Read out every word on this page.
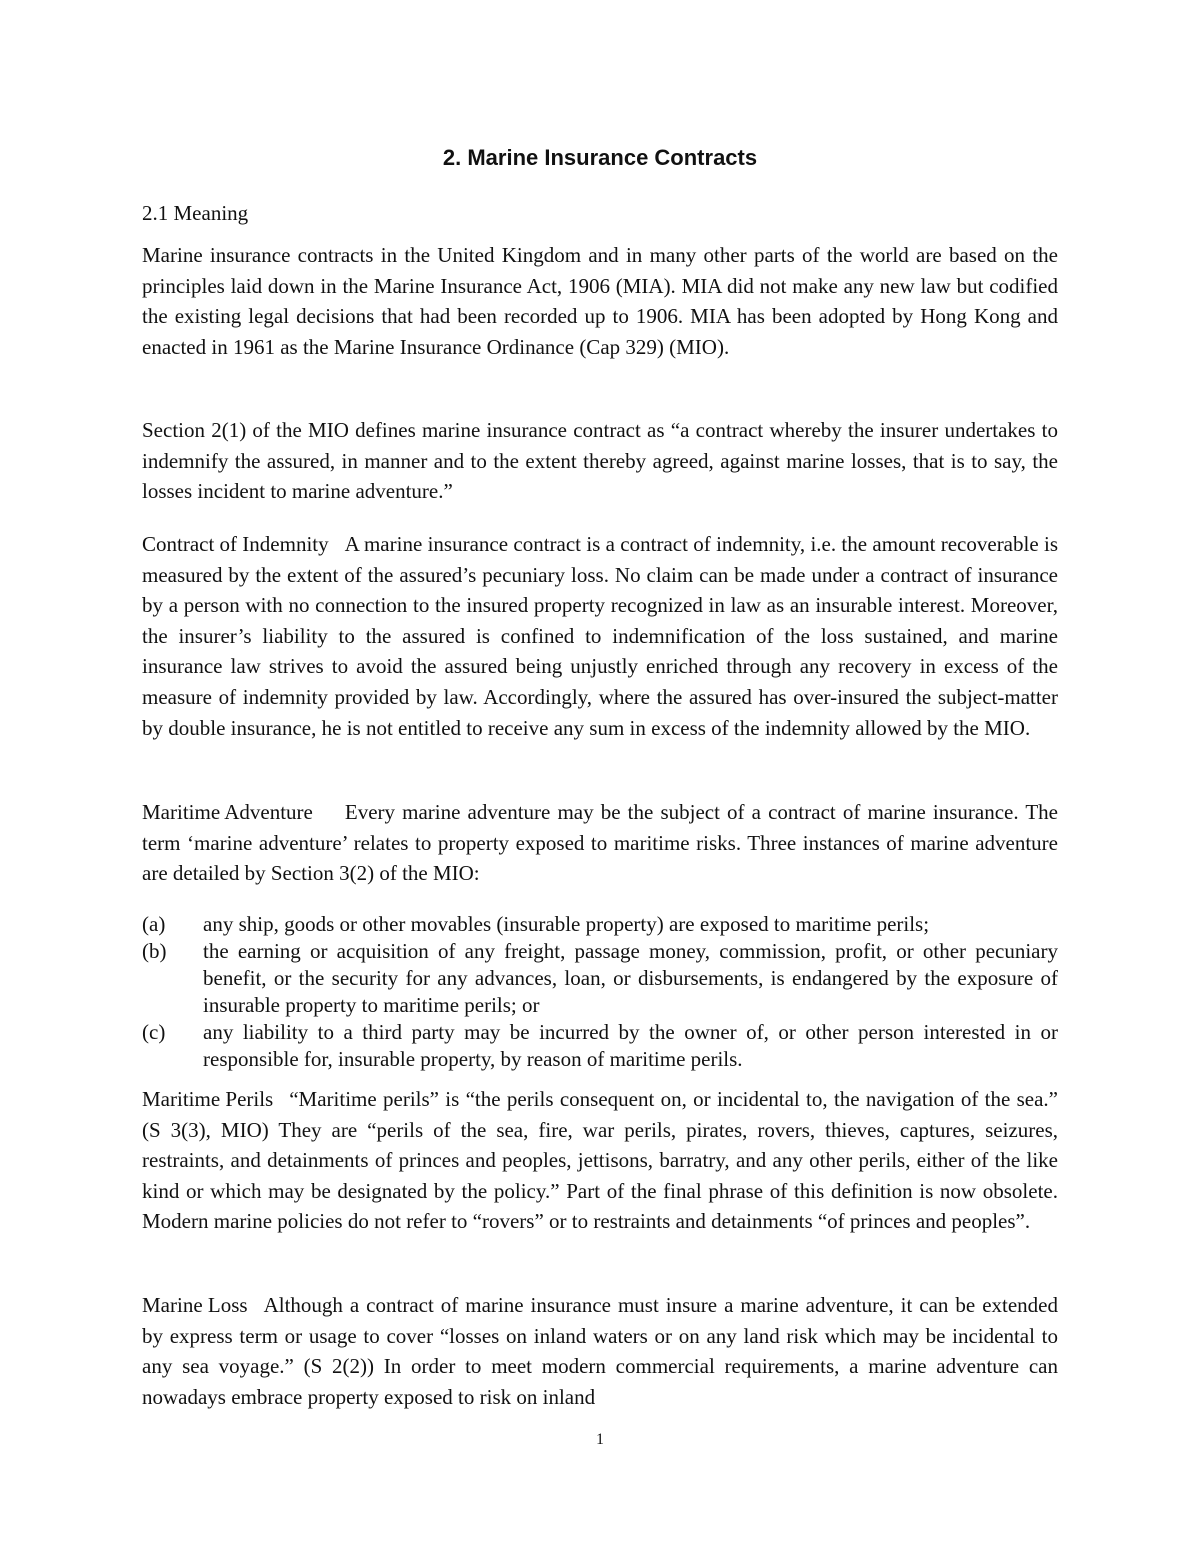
2. Marine Insurance Contracts
2.1 Meaning

Marine insurance contracts in the United Kingdom and in many other parts of the world are based on the principles laid down in the Marine Insurance Act, 1906 (MIA). MIA did not make any new law but codified the existing legal decisions that had been recorded up to 1906. MIA has been adopted by Hong Kong and enacted in 1961 as the Marine Insurance Ordinance (Cap 329) (MIO).

Section 2(1) of the MIO defines marine insurance contract as “a contract whereby the insurer undertakes to indemnify the assured, in manner and to the extent thereby agreed, against marine losses, that is to say, the losses incident to marine adventure.”

Contract of Indemnity A marine insurance contract is a contract of indemnity, i.e. the amount recoverable is measured by the extent of the assured’s pecuniary loss. No claim can be made under a contract of insurance by a person with no connection to the insured property recognized in law as an insurable interest. Moreover, the insurer’s liability to the assured is confined to indemnification of the loss sustained, and marine insurance law strives to avoid the assured being unjustly enriched through any recovery in excess of the measure of indemnity provided by law. Accordingly, where the assured has over-insured the subject-matter by double insurance, he is not entitled to receive any sum in excess of the indemnity allowed by the MIO.

Maritime Adventure Every marine adventure may be the subject of a contract of marine insurance. The term ‘marine adventure’ relates to property exposed to maritime risks. Three instances of marine adventure are detailed by Section 3(2) of the MIO:

(a) any ship, goods or other movables (insurable property) are exposed to maritime perils;
(b) the earning or acquisition of any freight, passage money, commission, profit, or other pecuniary benefit, or the security for any advances, loan, or disbursements, is endangered by the exposure of insurable property to maritime perils; or
(c) any liability to a third party may be incurred by the owner of, or other person interested in or responsible for, insurable property, by reason of maritime perils.

Maritime Perils “Maritime perils” is “the perils consequent on, or incidental to, the navigation of the sea.” (S 3(3), MIO) They are “perils of the sea, fire, war perils, pirates, rovers, thieves, captures, seizures, restraints, and detainments of princes and peoples, jettisons, barratry, and any other perils, either of the like kind or which may be designated by the policy.” Part of the final phrase of this definition is now obsolete. Modern marine policies do not refer to “rovers” or to restraints and detainments “of princes and peoples”.

Marine Loss Although a contract of marine insurance must insure a marine adventure, it can be extended by express term or usage to cover “losses on inland waters or on any land risk which may be incidental to any sea voyage.” (S 2(2)) In order to meet modern commercial requirements, a marine adventure can nowadays embrace property exposed to risk on inland

1
